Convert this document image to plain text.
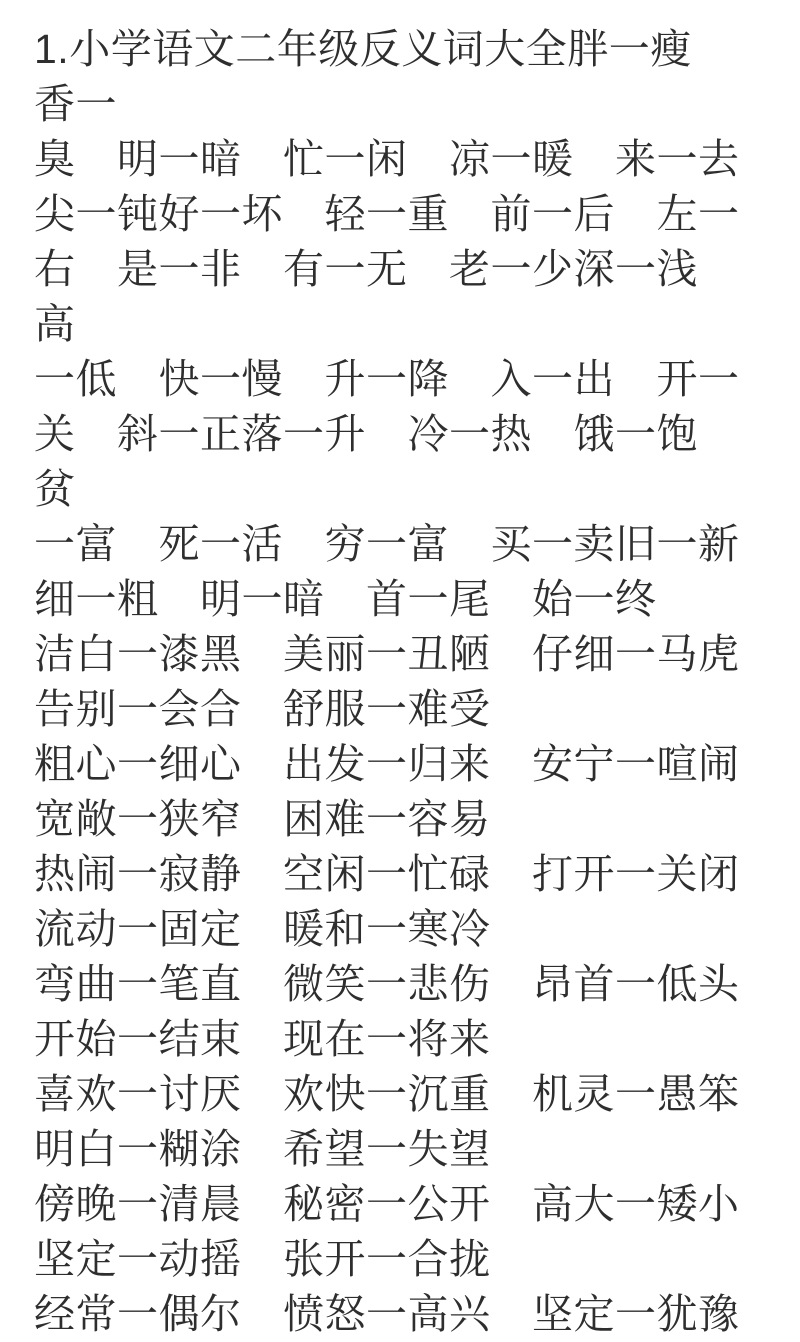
1.小学语文二年级反义词大全胖一瘦　香一
臭　明一暗　忙一闲　凉一暖　来一去
尖一钝好一坏　轻一重　前一后　左一
右　是一非　有一无　老一少深一浅　高
一低　快一慢　升一降　入一出　开一
关　斜一正落一升　冷一热　饿一饱　贫
一富　死一活　穷一富　买一卖旧一新
细一粗　明一暗　首一尾　始一终
洁白一漆黑　美丽一丑陋　仔细一马虎
告别一会合　舒服一难受
粗心一细心　出发一归来　安宁一喧闹
宽敞一狭窄　困难一容易
热闹一寂静　空闲一忙碌　打开一关闭
流动一固定　暖和一寒冷
弯曲一笔直　微笑一悲伤　昂首一低头
开始一结束　现在一将来
喜欢一讨厌　欢快一沉重　机灵一愚笨
明白一糊涂　希望一失望
傍晚一清晨　秘密一公开　高大一矮小
坚定一动摇　张开一合拢
经常一偶尔　愤怒一高兴　坚定一犹豫
